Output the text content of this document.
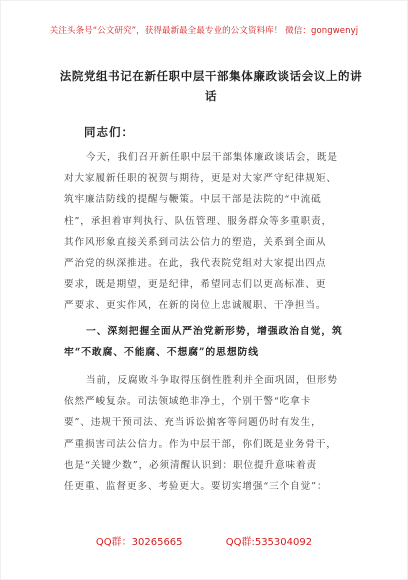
关注头条号“公文研究”，获得最新最全最专业的公文资料库！ 微信：gongwenyj
法院党组书记在新任职中层干部集体廉政谈话会议上的讲
话
同志们：
今天，我们召开新任职中层干部集体廉政谈话会，既是
对大家履新任职的祝贺与期待，更是对大家严守纪律规矩、
筑牢廉洁防线的提醒与鞭策。中层干部是法院的“中流砥
柱”，承担着审判执行、队伍管理、服务群众等多重职责，
其作风形象直接关系到司法公信力的塑造，关系到全面从
严治党的纵深推进。在此，我代表院党组对大家提出四点
要求，既是期望，更是纪律，希望同志们以更高标准、更
严要求、更实作风，在新的岗位上忠诚履职、干净担当。
一、深刻把握全面从严治党新形势，增强政治自觉，筑
牢“不敢腐、不能腐、不想腐”的思想防线
当前，反腐败斗争取得压倒性胜利并全面巩固，但形势
依然严峻复杂。司法领域绝非净土，个别干警“吃拿卡
要”、违规干预司法、充当诉讼掮客等问题仍时有发生，
严重损害司法公信力。作为中层干部，你们既是业务骨干，
也是“关键少数”，必须清醒认识到：职位提升意味着责
任更重、监督更多、考验更大。要切实增强“三个自觉”：
QQ群：30265665	QQ群:535304092
